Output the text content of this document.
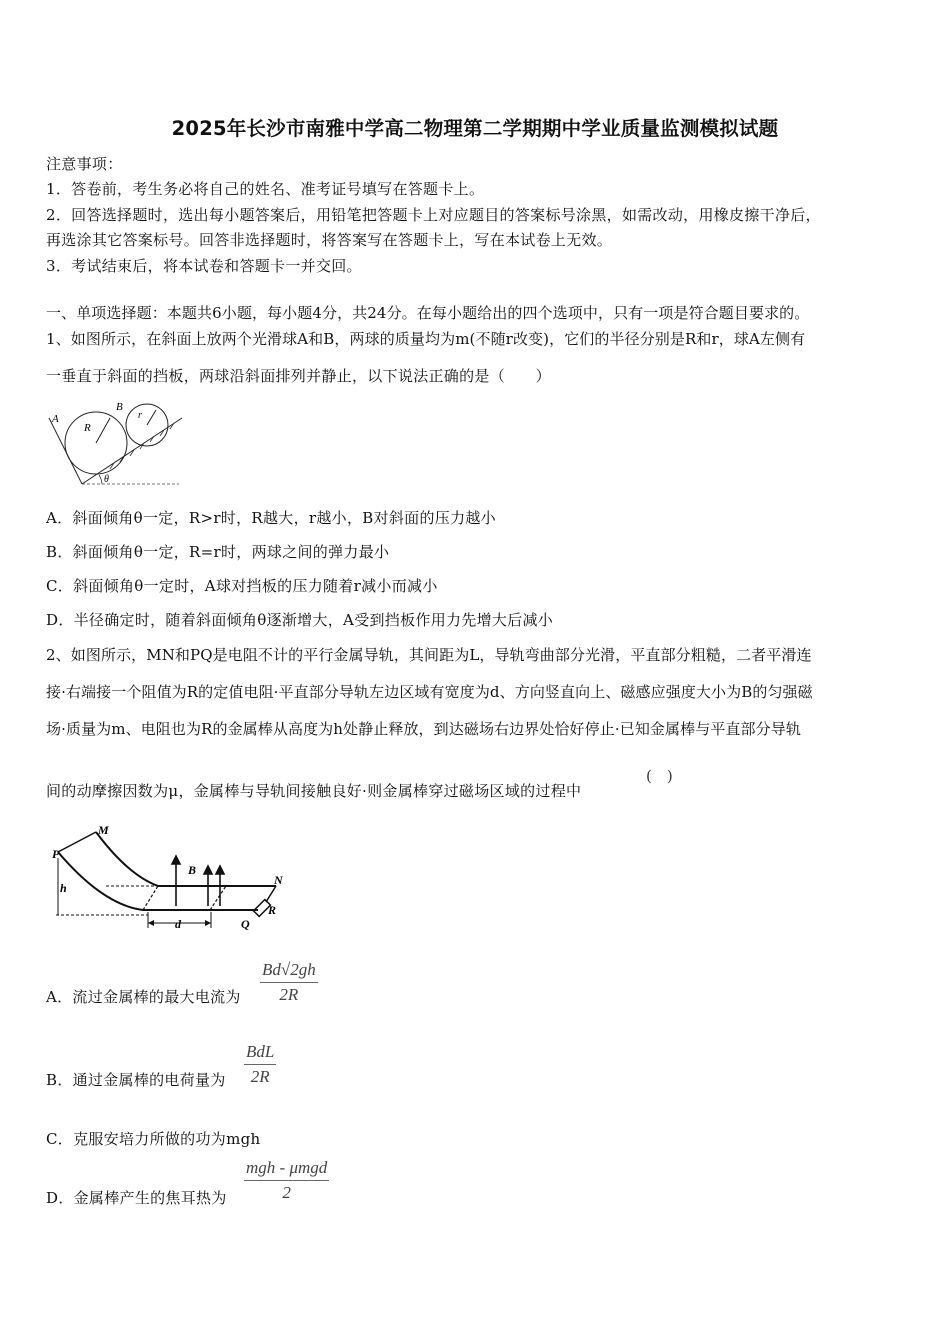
2025年长沙市南雅中学高二物理第二学期期中学业质量监测模拟试题
注意事项：
1．答卷前，考生务必将自己的姓名、准考证号填写在答题卡上。
2．回答选择题时，选出每小题答案后，用铅笔把答题卡上对应题目的答案标号涂黑，如需改动，用橡皮擦干净后，
再选涂其它答案标号。回答非选择题时，将答案写在答题卡上，写在本试卷上无效。
3．考试结束后，将本试卷和答题卡一并交回。
一、单项选择题：本题共6小题，每小题4分，共24分。在每小题给出的四个选项中，只有一项是符合题目要求的。
1、如图所示，在斜面上放两个光滑球A和B，两球的质量均为m(不随r改变)，它们的半径分别是R和r，球A左侧有
一垂直于斜面的挡板，两球沿斜面排列并静止，以下说法正确的是（　　）
A
B
R
r
θ
A．斜面倾角θ一定，R>r时，R越大，r越小，B对斜面的压力越小
B．斜面倾角θ一定，R=r时，两球之间的弹力最小
C．斜面倾角θ一定时，A球对挡板的压力随着r减小而减小
D．半径确定时，随着斜面倾角θ逐渐增大，A受到挡板作用力先增大后减小
2、如图所示，MN和PQ是电阻不计的平行金属导轨，其间距为L，导轨弯曲部分光滑，平直部分粗糙，二者平滑连
接·右端接一个阻值为R的定值电阻·平直部分导轨左边区域有宽度为d、方向竖直向上、磁感应强度大小为B的匀强磁
场·质量为m、电阻也为R的金属棒从高度为h处静止释放，到达磁场右边界处恰好停止·已知金属棒与平直部分导轨
间的动摩擦因数为μ，金属棒与导轨间接触良好·则金属棒穿过磁场区域的过程中
(　)
M
N
P
Q
h
B
d
R
A．流过金属棒的最大电流为
Bd√2gh
2R
B．通过金属棒的电荷量为
BdL
2R
C．克服安培力所做的功为mgh
D．金属棒产生的焦耳热为
mgh - μmgd
2
